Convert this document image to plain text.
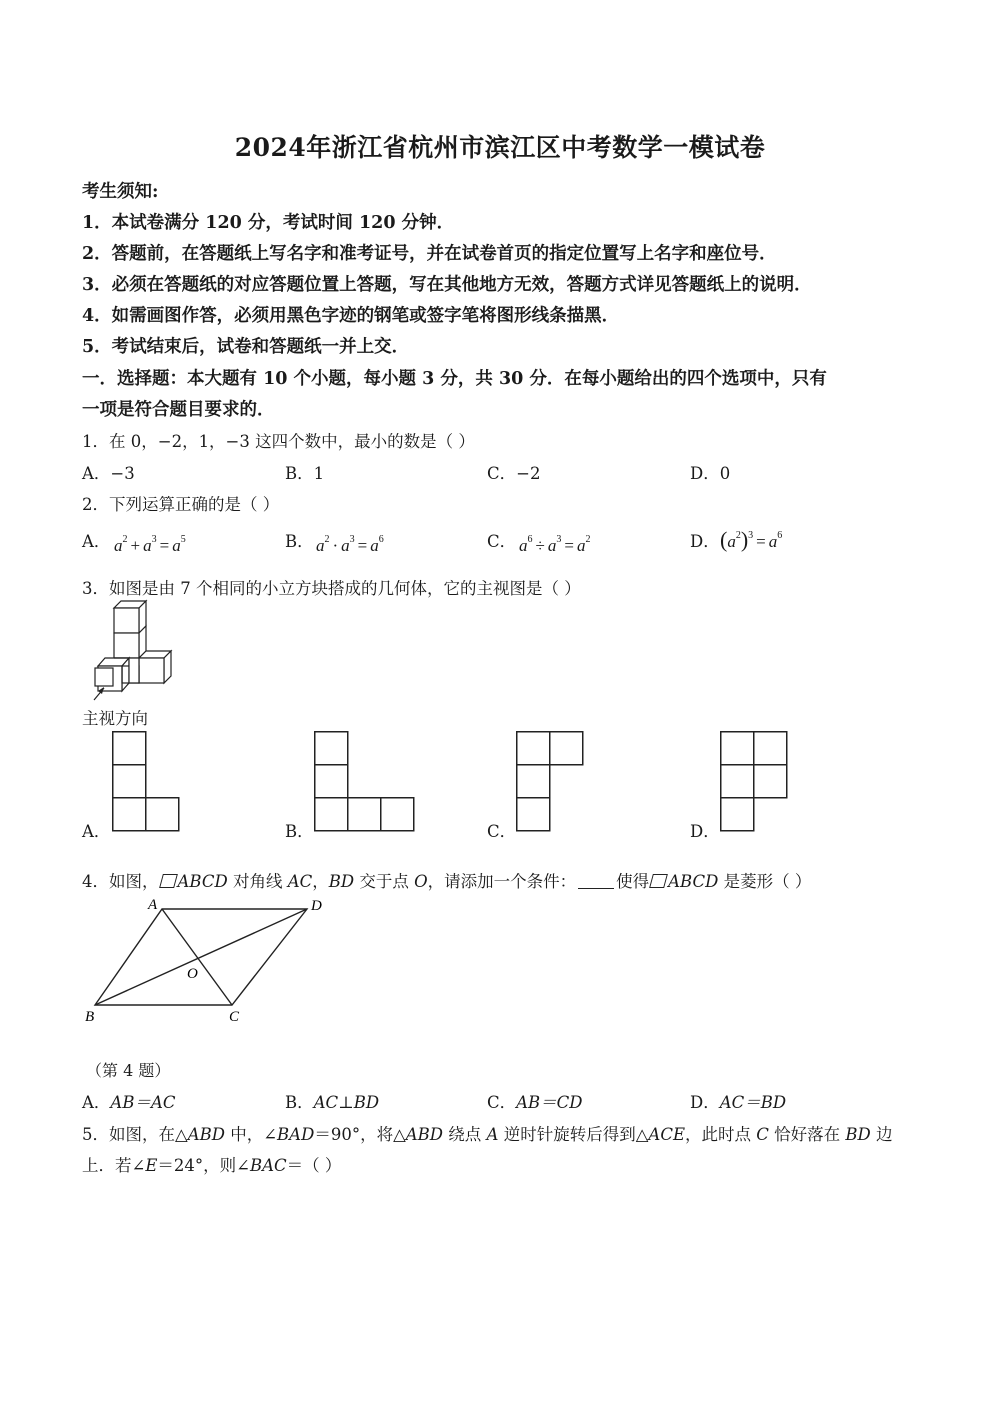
2024年浙江省杭州市滨江区中考数学一模试卷
考生须知:
1．本试卷满分 120 分，考试时间 120 分钟．
2．答题前，在答题纸上写名字和准考证号，并在试卷首页的指定位置写上名字和座位号．
3．必须在答题纸的对应答题位置上答题，写在其他地方无效，答题方式详见答题纸上的说明．
4．如需画图作答，必须用黑色字迹的钢笔或签字笔将图形线条描黑．
5．考试结束后，试卷和答题纸一并上交．
一．选择题：本大题有 10 个小题，每小题 3 分，共 30 分．在每小题给出的四个选项中，只有
一项是符合题目要求的．
1．在 0，−2，1，−3 这四个数中，最小的数是（ ）
A．−3	B．1	C．−2	D．0
2．下列运算正确的是（ ）
A． $a^2 + a^3 = a^5$	B． $a^2 \cdot a^3 = a^6$	C． $a^6 \div a^3 = a^2$	D． $(a^2)^3 = a^6$
3．如图是由 7 个相同的小立方块搭成的几何体，它的主视图是（ ）
主视方向
A．	B．	C．	D．
4．如图， ABCD 对角线 AC，BD 交于点 O，请添加一个条件： 使得 ABCD 是菱形（ ）
A	D
O
B	C
（第 4 题）
A．AB＝AC	B．AC⊥BD	C．AB＝CD	D．AC＝BD
5．如图，在△ABD 中，∠BAD＝90°，将△ABD 绕点 A 逆时针旋转后得到△ACE，此时点 C 恰好落在 BD 边
上．若∠E＝24°，则∠BAC＝（ ）
